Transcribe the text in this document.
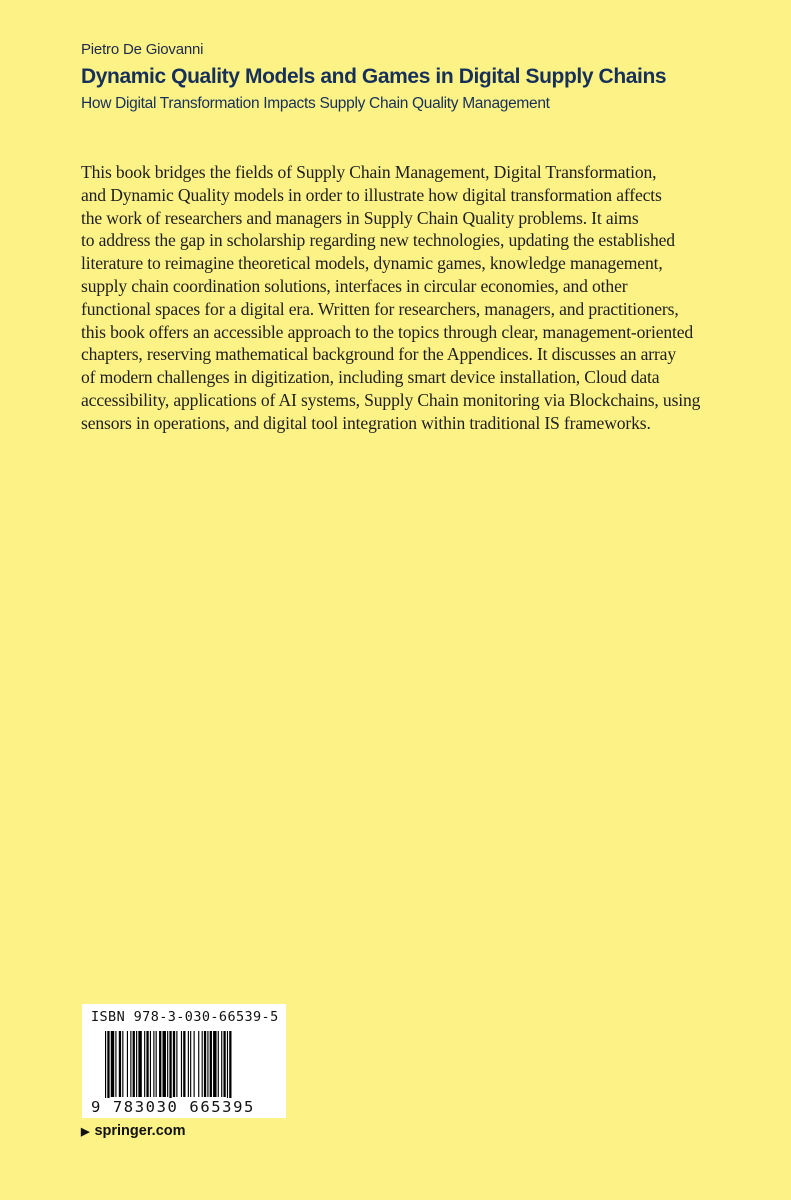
Pietro De Giovanni
Dynamic Quality Models and Games in Digital Supply Chains
How Digital Transformation Impacts Supply Chain Quality Management
This book bridges the fields of Supply Chain Management, Digital Transformation,
and Dynamic Quality models in order to illustrate how digital transformation affects
the work of researchers and managers in Supply Chain Quality problems. It aims
to address the gap in scholarship regarding new technologies, updating the established
literature to reimagine theoretical models, dynamic games, knowledge management,
supply chain coordination solutions, interfaces in circular economies, and other
functional spaces for a digital era. Written for researchers, managers, and practitioners,
this book offers an accessible approach to the topics through clear, management-oriented
chapters, reserving mathematical background for the Appendices. It discusses an array
of modern challenges in digitization, including smart device installation, Cloud data
accessibility, applications of AI systems, Supply Chain monitoring via Blockchains, using
sensors in operations, and digital tool integration within traditional IS frameworks.
ISBN 978-3-030-66539-5
9 783030 665395
▶ springer.com
